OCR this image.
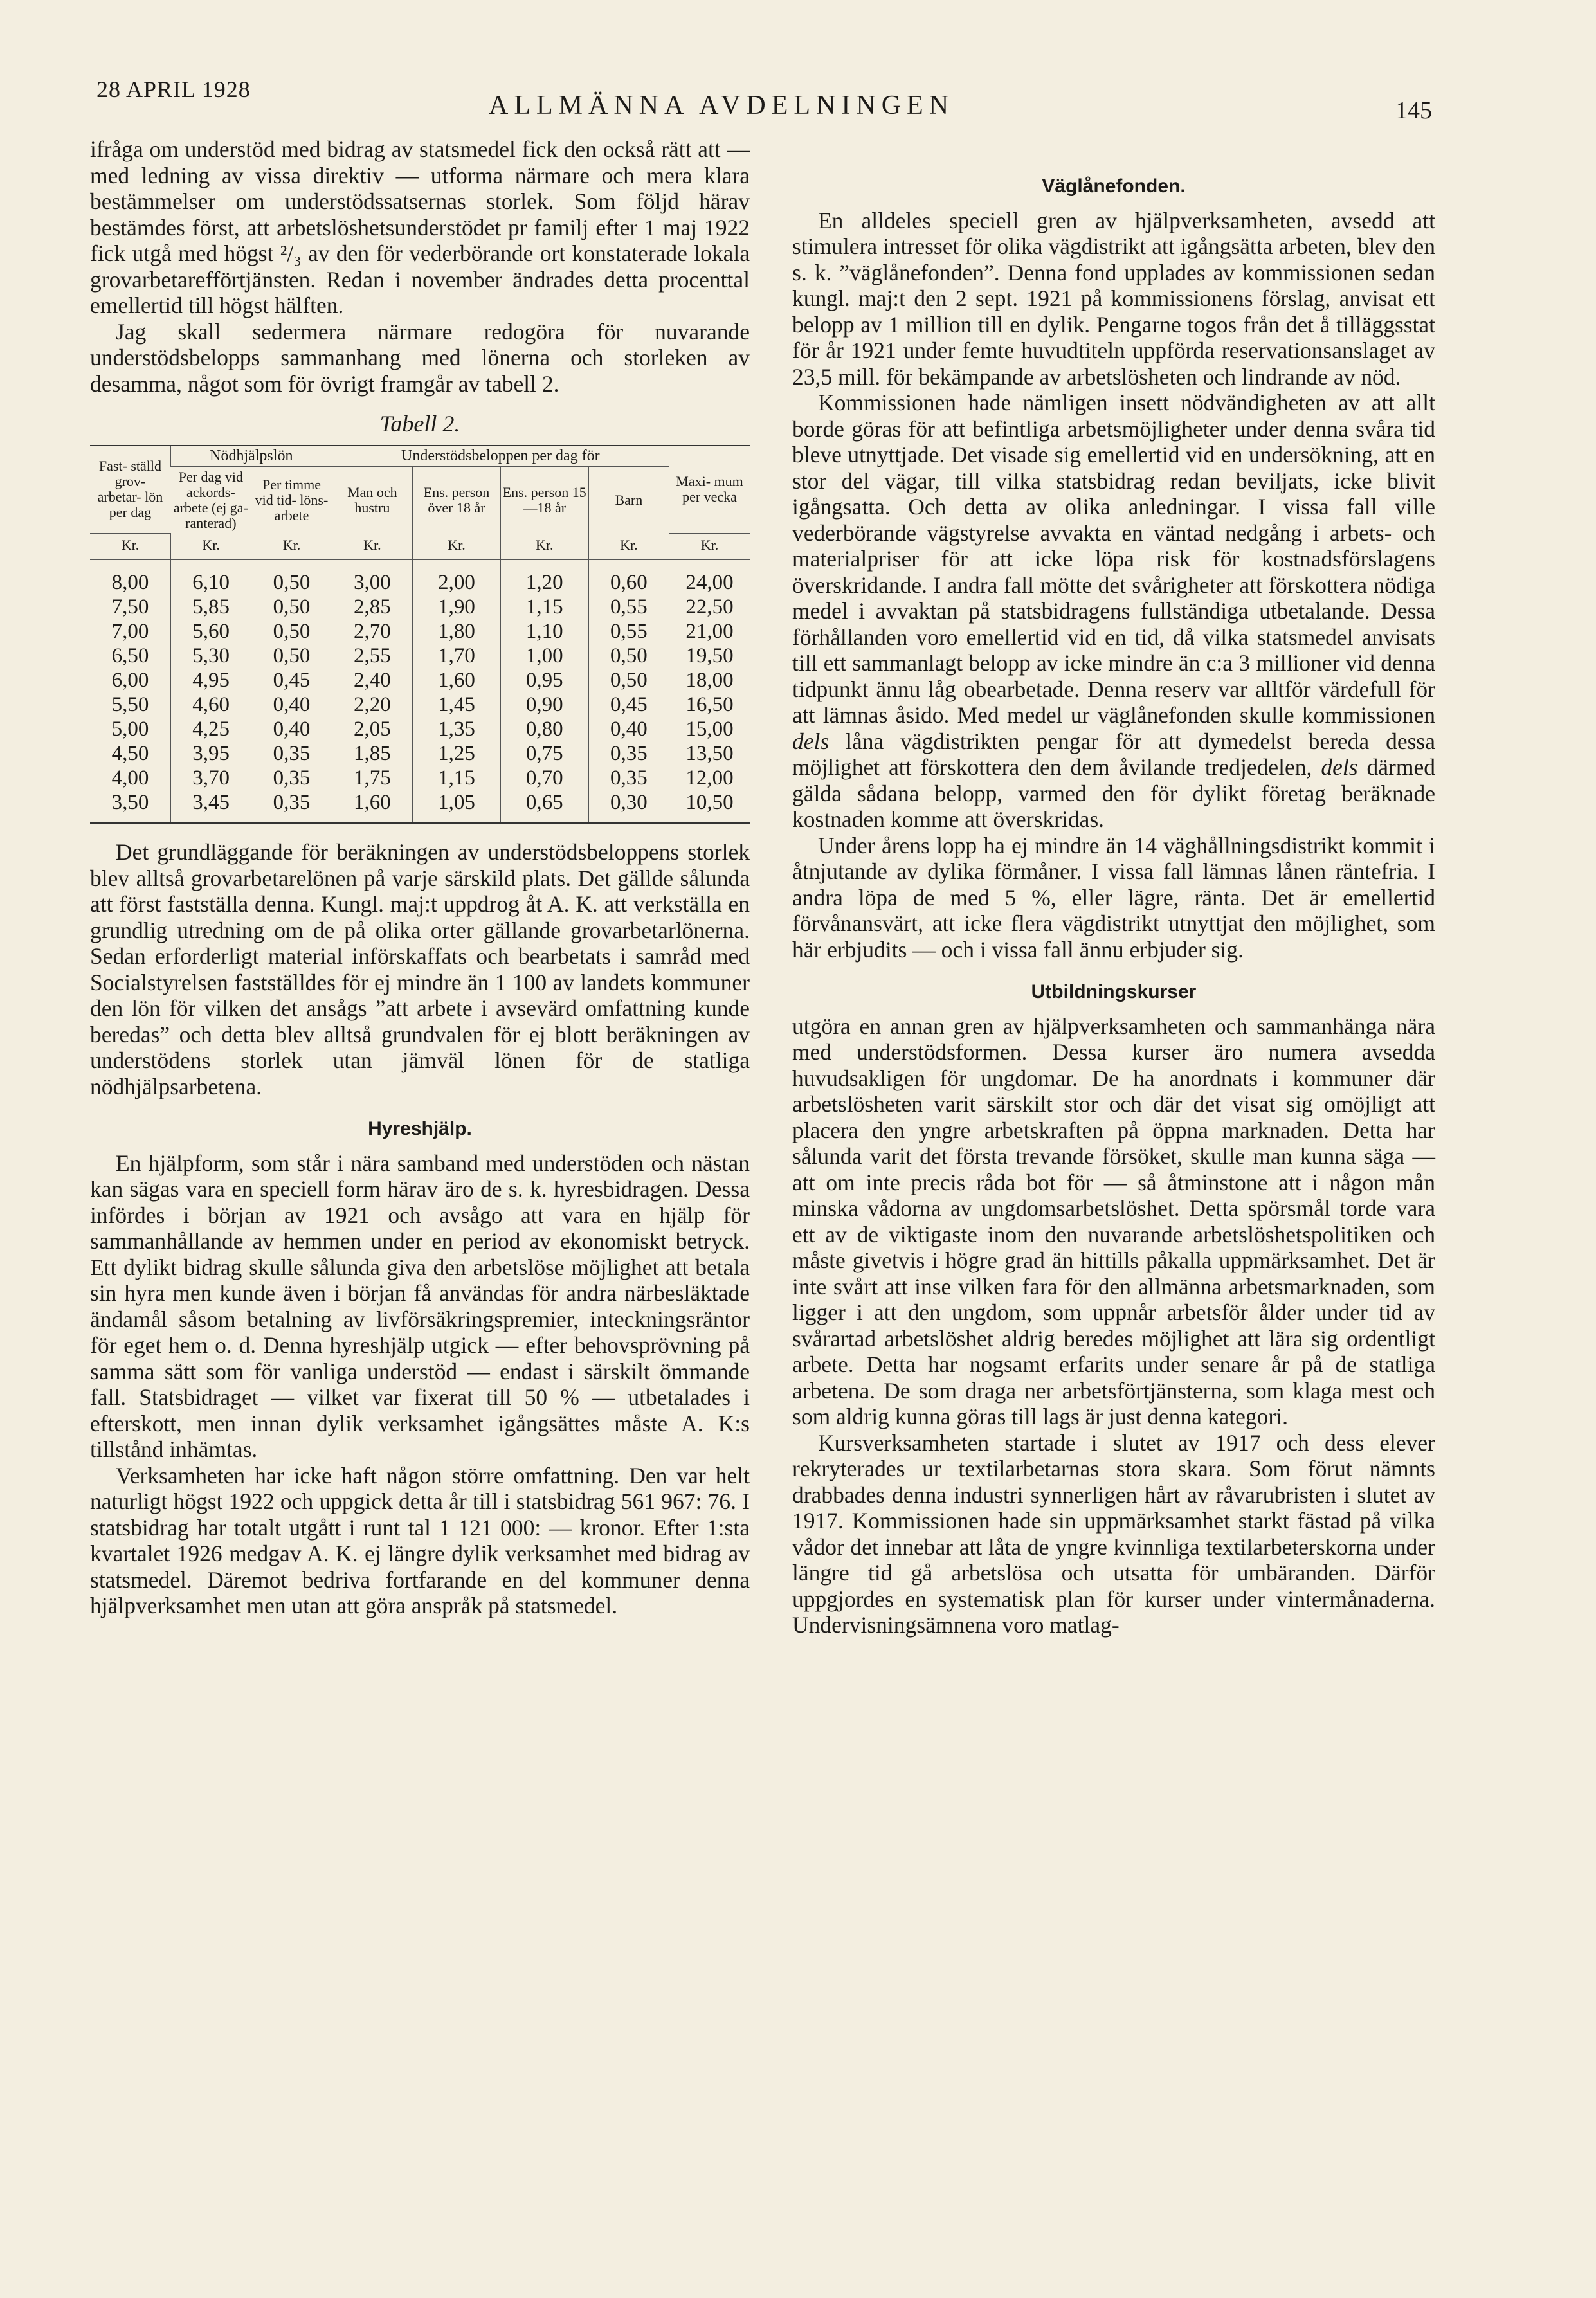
28 APRIL 1928
ALLMÄNNA AVDELNINGEN	145

ifråga om understöd med bidrag av statsmedel fick den också rätt att — med ledning av vissa direktiv — utforma närmare och mera klara bestämmelser om understödssatsernas storlek. Som följd härav bestämdes först, att arbetslöshetsunderstödet pr familj efter 1 maj 1922 fick utgå med högst ²/₃ av den för vederbörande ort konstaterade lokala grovarbetarefförtjänsten. Redan i november ändrades detta procenttal emellertid till högst hälften.

Jag skall sedermera närmare redogöra för nuvarande understödsbelopps sammanhang med lönerna och storleken av desamma, något som för övrigt framgår av tabell 2.

Tabell 2.
Fast- ställd grov- arbetar- lön per dag	Nödhjälpslön		Understödsbeloppen per dag för				Maxi- mum per vecka
	Per dag vid ackords- arbete (ej ga- ranterad)	Per timme vid tid- löns- arbete	Man och hustru	Ens. person över 18 år	Ens. person 15—18 år	Barn	
Kr.	Kr.	Kr.	Kr.	Kr.	Kr.	Kr.	Kr.
8,00	6,10	0,50	3,00	2,00	1,20	0,60	24,00
7,50	5,85	0,50	2,85	1,90	1,15	0,55	22,50
7,00	5,60	0,50	2,70	1,80	1,10	0,55	21,00
6,50	5,30	0,50	2,55	1,70	1,00	0,50	19,50
6,00	4,95	0,45	2,40	1,60	0,95	0,50	18,00
5,50	4,60	0,40	2,20	1,45	0,90	0,45	16,50
5,00	4,25	0,40	2,05	1,35	0,80	0,40	15,00
4,50	3,95	0,35	1,85	1,25	0,75	0,35	13,50
4,00	3,70	0,35	1,75	1,15	0,70	0,35	12,00
3,50	3,45	0,35	1,60	1,05	0,65	0,30	10,50

Det grundläggande för beräkningen av understödsbeloppens storlek blev alltså grovarbetarelönen på varje särskild plats. Det gällde sålunda att först fastställa denna. Kungl. maj:t uppdrog åt A. K. att verkställa en grundlig utredning om de på olika orter gällande grovarbetarlönerna. Sedan erforderligt material införskaffats och bearbetats i samråd med Socialstyrelsen fastställdes för ej mindre än 1 100 av landets kommuner den lön för vilken det ansågs ”att arbete i avsevärd omfattning kunde beredas” och detta blev alltså grundvalen för ej blott beräkningen av understödens storlek utan jämväl lönen för de statliga nödhjälpsarbetena.

Hyreshjälp.

En hjälpform, som står i nära samband med understöden och nästan kan sägas vara en speciell form härav äro de s. k. hyresbidragen. Dessa infördes i början av 1921 och avsågo att vara en hjälp för sammanhållande av hemmen under en period av ekonomiskt betryck. Ett dylikt bidrag skulle sålunda giva den arbetslöse möjlighet att betala sin hyra men kunde även i början få användas för andra närbesläktade ändamål såsom betalning av livförsäkringspremier, inteckningsräntor för eget hem o. d. Denna hyreshjälp utgick — efter behovsprövning på samma sätt som för vanliga understöd — endast i särskilt ömmande fall. Statsbidraget — vilket var fixerat till 50 % — utbetalades i efterskott, men innan dylik verksamhet igångsättes måste A. K:s tillstånd inhämtas.

Verksamheten har icke haft någon större omfattning. Den var helt naturligt högst 1922 och uppgick detta år till i statsbidrag 561 967: 76. I statsbidrag har totalt utgått i runt tal 1 121 000: — kronor. Efter 1:sta kvartalet 1926 medgav A. K. ej längre dylik verksamhet med bidrag av statsmedel. Däremot bedriva fortfarande en del kommuner denna hjälpverksamhet men utan att göra anspråk på statsmedel.

Väglånefonden.

En alldeles speciell gren av hjälpverksamheten, avsedd att stimulera intresset för olika vägdistrikt att igångsätta arbeten, blev den s. k. ”väglånefonden”. Denna fond upplades av kommissionen sedan kungl. maj:t den 2 sept. 1921 på kommissionens förslag, anvisat ett belopp av 1 million till en dylik. Pengarne togos från det å tilläggsstat för år 1921 under femte huvudtiteln uppförda reservationsanslaget av 23,5 mill. för bekämpande av arbetslösheten och lindrande av nöd.

Kommissionen hade nämligen insett nödvändigheten av att allt borde göras för att befintliga arbetsmöjligheter under denna svåra tid bleve utnyttjade. Det visade sig emellertid vid en undersökning, att en stor del vägar, till vilka statsbidrag redan beviljats, icke blivit igångsatta. Och detta av olika anledningar. I vissa fall ville vederbörande vägstyrelse avvakta en väntad nedgång i arbets- och materialpriser för att icke löpa risk för kostnadsförslagens överskridande. I andra fall mötte det svårigheter att förskottera nödiga medel i avvaktan på statsbidragens fullständiga utbetalande. Dessa förhållanden voro emellertid vid en tid, då vilka statsmedel anvisats till ett sammanlagt belopp av icke mindre än c:a 3 millioner vid denna tidpunkt ännu låg obearbetade. Denna reserv var alltför värdefull för att lämnas åsido. Med medel ur väglånefonden skulle kommissionen dels låna vägdistrikten pengar för att dymedelst bereda dessa möjlighet att förskottera den dem åvilande tredjedelen, dels därmed gälda sådana belopp, varmed den för dylikt företag beräknade kostnaden komme att överskridas.

Under årens lopp ha ej mindre än 14 väghållningsdistrikt kommit i åtnjutande av dylika förmåner. I vissa fall lämnas lånen räntefria. I andra löpa de med 5 %, eller lägre, ränta. Det är emellertid förvånansvärt, att icke flera vägdistrikt utnyttjat den möjlighet, som här erbjudits — och i vissa fall ännu erbjuder sig.

Utbildningskurser

utgöra en annan gren av hjälpverksamheten och sammanhänga nära med understödsformen. Dessa kurser äro numera avsedda huvudsakligen för ungdomar. De ha anordnats i kommuner där arbetslösheten varit särskilt stor och där det visat sig omöjligt att placera den yngre arbetskraften på öppna marknaden. Detta har sålunda varit det första trevande försöket, skulle man kunna säga — att om inte precis råda bot för — så åtminstone att i någon mån minska vådorna av ungdomsarbetslöshet. Detta spörsmål torde vara ett av de viktigaste inom den nuvarande arbetslöshetspolitiken och måste givetvis i högre grad än hittills påkalla uppmärksamhet. Det är inte svårt att inse vilken fara för den allmänna arbetsmarknaden, som ligger i att den ungdom, som uppnår arbetsför ålder under tid av svårartad arbetslöshet aldrig beredes möjlighet att lära sig ordentligt arbete. Detta har nogsamt erfarits under senare år på de statliga arbetena. De som draga ner arbetsförtjänsterna, som klaga mest och som aldrig kunna göras till lags är just denna kategori.

Kursverksamheten startade i slutet av 1917 och dess elever rekryterades ur textilarbetarnas stora skara. Som förut nämnts drabbades denna industri synnerligen hårt av råvarubristen i slutet av 1917. Kommissionen hade sin uppmärksamhet starkt fästad på vilka vådor det innebar att låta de yngre kvinnliga textilarbeterskorna under längre tid gå arbetslösa och utsatta för umbäranden. Därför uppgjordes en systematisk plan för kurser under vintermånaderna. Undervisningsämnena voro matlag-
